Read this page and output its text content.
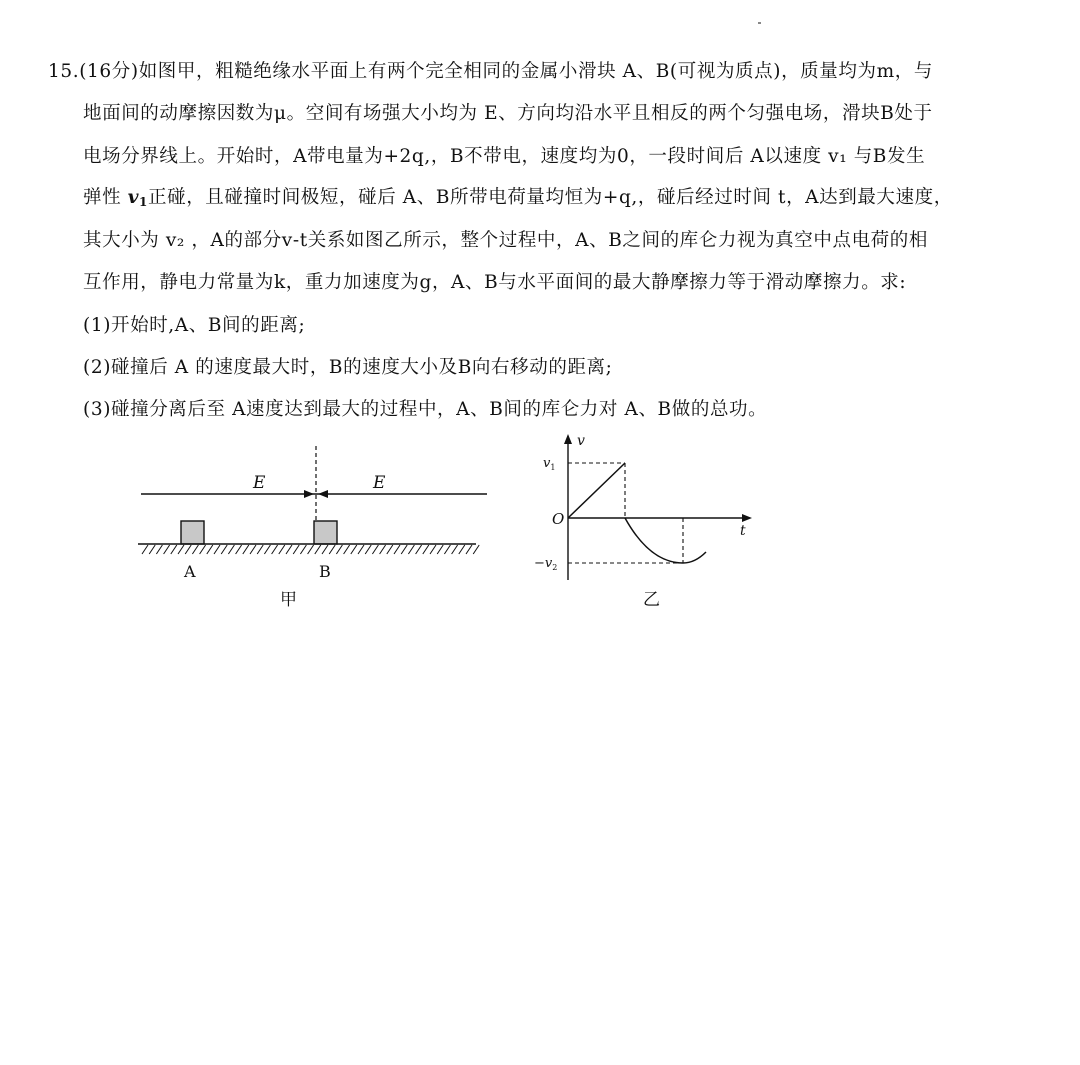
15.(16分)如图甲，粗糙绝缘水平面上有两个完全相同的金属小滑块 A、B(可视为质点)，质量均为m，与
地面间的动摩擦因数为μ。空间有场强大小均为 E、方向均沿水平且相反的两个匀强电场，滑块B处于
电场分界线上。开始时，A带电量为+2q,，B不带电，速度均为0，一段时间后 A以速度 v₁ 与B发生
弹性 $v_1$正碰，且碰撞时间极短，碰后 A、B所带电荷量均恒为+q,，碰后经过时间 t，A达到最大速度，
其大小为 v₂ ，A的部分v-t关系如图乙所示，整个过程中，A、B之间的库仑力视为真空中点电荷的相
互作用，静电力常量为k，重力加速度为g，A、B与水平面间的最大静摩擦力等于滑动摩擦力。求:
(1)开始时,A、B间的距离;
(2)碰撞后 A 的速度最大时，B的速度大小及B向右移动的距离;
(3)碰撞分离后至 A速度达到最大的过程中，A、B间的库仑力对 A、B做的总功。
E	E
A	B
甲
v
t
O
$v_1$
$-v_2$
乙
